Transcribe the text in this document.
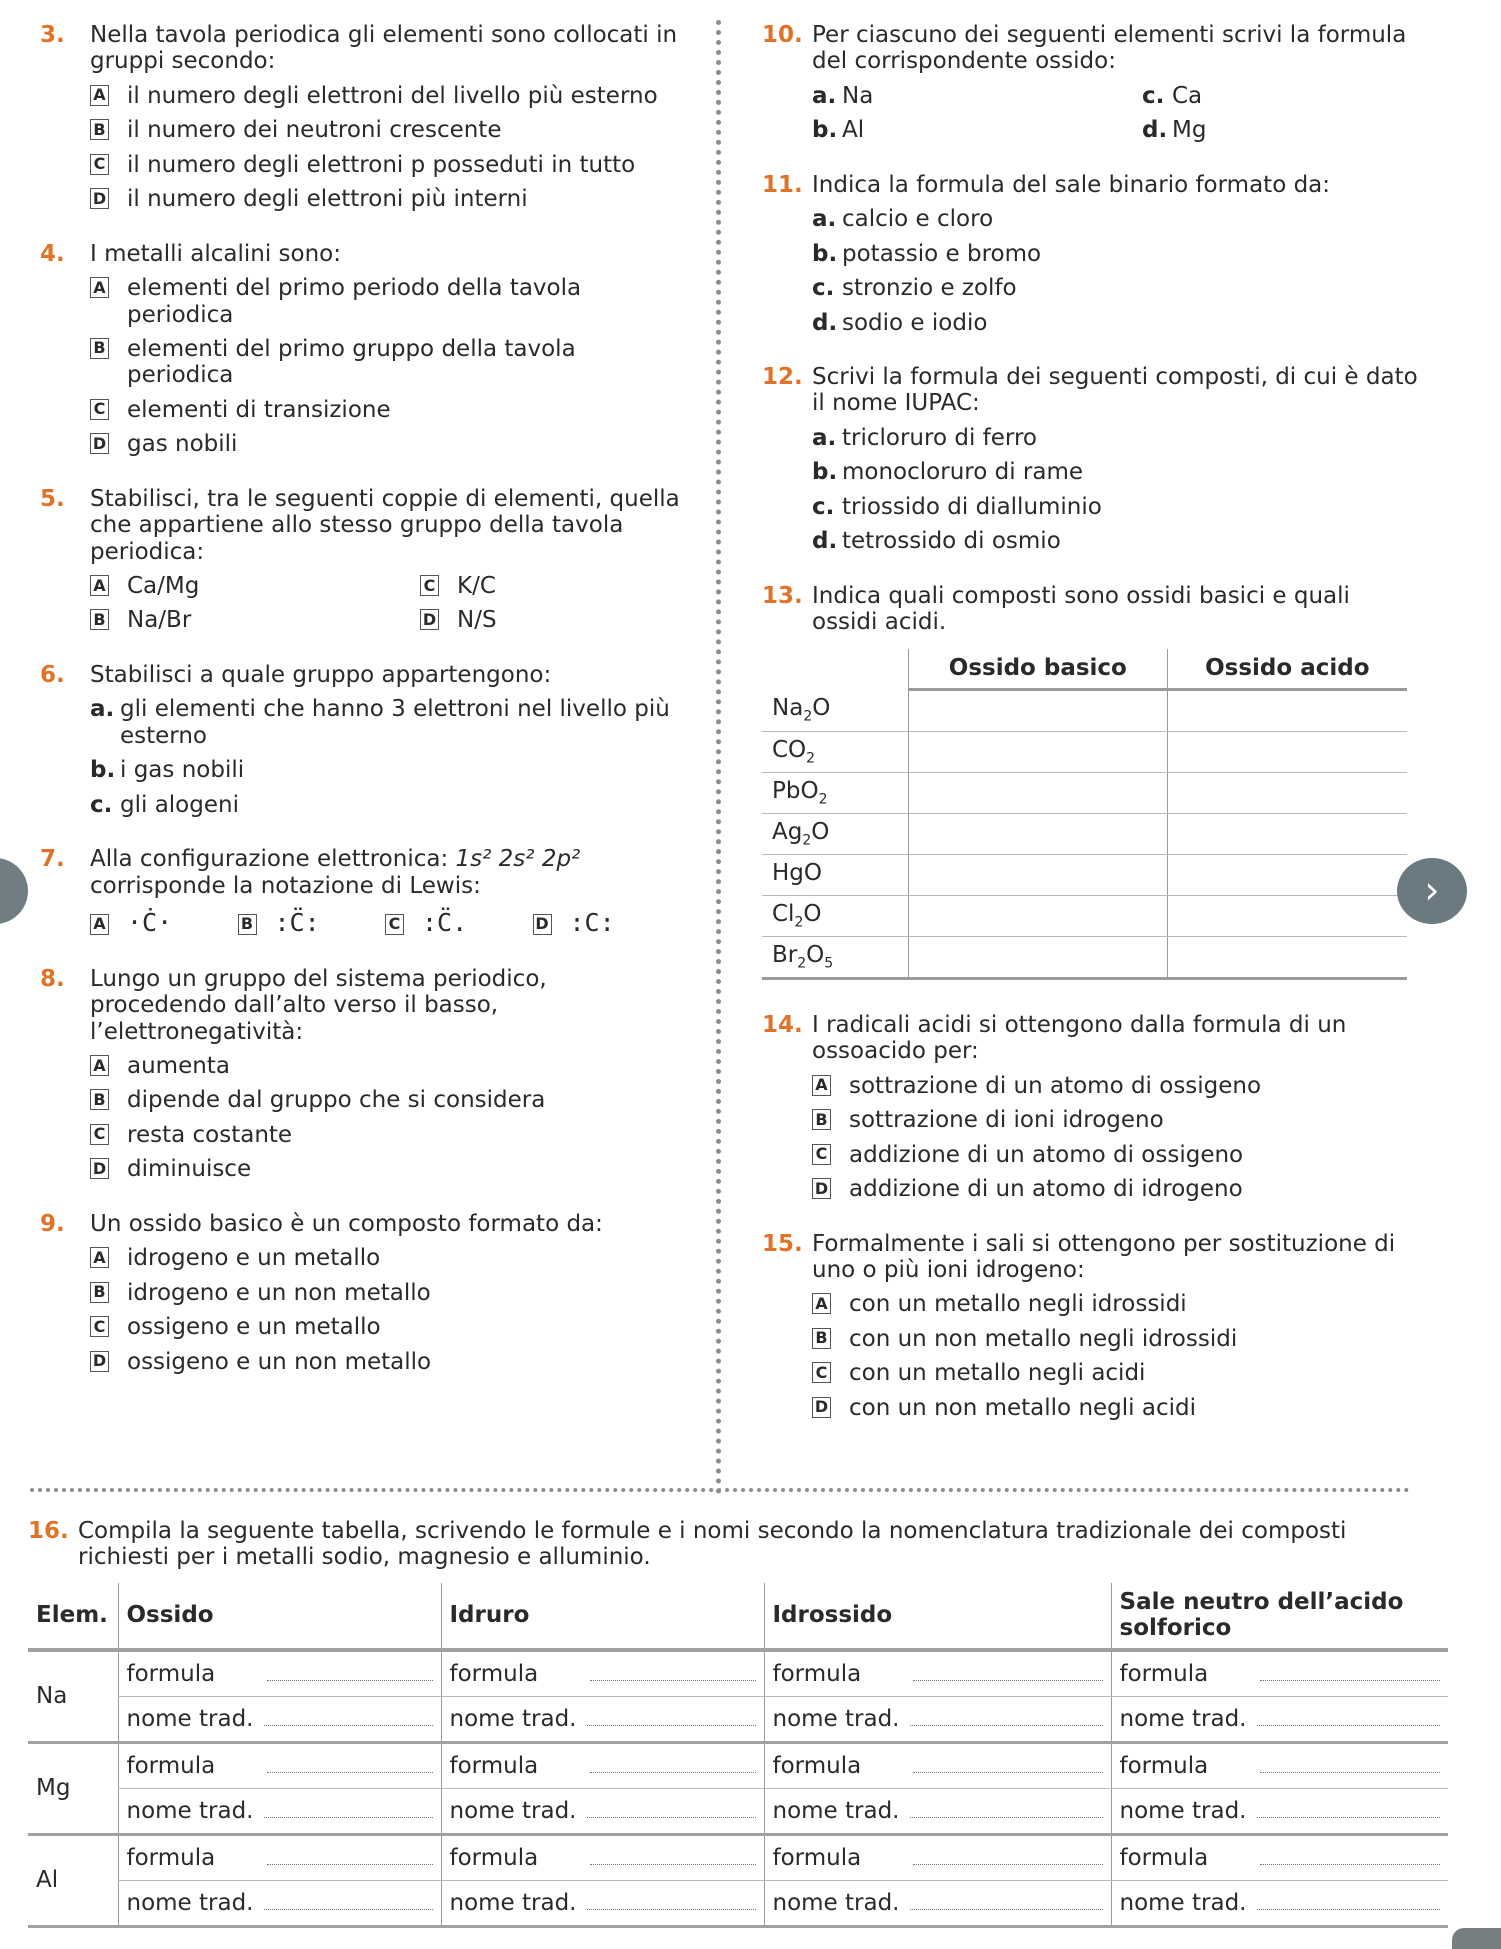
3.	Nella tavola periodica gli elementi sono collocati in gruppi secondo:
A il numero degli elettroni del livello più esterno
B il numero dei neutroni crescente
C il numero degli elettroni p posseduti in tutto
D il numero degli elettroni più interni
4.	I metalli alcalini sono:
A elementi del primo periodo della tavola periodica
B elementi del primo gruppo della tavola periodica
C elementi di transizione
D gas nobili
5.	Stabilisci, tra le seguenti coppie di elementi, quella che appartiene allo stesso gruppo della tavola periodica:
A Ca/Mg	C K/C
B Na/Br	D N/S
6.	Stabilisci a quale gruppo appartengono:
a. gli elementi che hanno 3 elettroni nel livello più esterno
b. i gas nobili
c. gli alogeni
7.	Alla configurazione elettronica: 1s² 2s² 2p²
corrisponde la notazione di Lewis:
A ·Ċ·	B :C̈:	C :C̈.	D :C:
8.	Lungo un gruppo del sistema periodico, procedendo dall’alto verso il basso, l’elettronegatività:
A aumenta
B dipende dal gruppo che si considera
C resta costante
D diminuisce
9.	Un ossido basico è un composto formato da:
A idrogeno e un metallo
B idrogeno e un non metallo
C ossigeno e un metallo
D ossigeno e un non metallo
10. Per ciascuno dei seguenti elementi scrivi la formula del corrispondente ossido:
a. Na	c. Ca
b. Al	d. Mg
11. Indica la formula del sale binario formato da:
a. calcio e cloro
b. potassio e bromo
c. stronzio e zolfo
d. sodio e iodio
12. Scrivi la formula dei seguenti composti, di cui è dato il nome IUPAC:
a. tricloruro di ferro
b. monocloruro di rame
c. triossido di dialluminio
d. tetrossido di osmio
13. Indica quali composti sono ossidi basici e quali ossidi acidi.
	Ossido basico	Ossido acido
$Na_2O$		
$CO_2$		
PbO$_2$		
$Ag_2O$		
HgO		
$Cl_2O$		
$Br_2O_5$		
14. I radicali acidi si ottengono dalla formula di un ossoacido per:
A sottrazione di un atomo di ossigeno
B sottrazione di ioni idrogeno
C addizione di un atomo di ossigeno
D addizione di un atomo di idrogeno
15. Formalmente i sali si ottengono per sostituzione di uno o più ioni idrogeno:
A con un metallo negli idrossidi
B con un non metallo negli idrossidi
C con un metallo negli acidi
D con un non metallo negli acidi
16. Compila la seguente tabella, scrivendo le formule e i nomi secondo la nomenclatura tradizionale dei composti richiesti per i metalli sodio, magnesio e alluminio.
Elem.	Ossido	Idruro	Idrossido	Sale neutro dell’acido solforico
Na	formula	formula	formula	formula

	nome trad.	nome trad.	nome trad.	nome trad.

Mg	formula	formula	formula	formula

	nome trad.	nome trad.	nome trad.	nome trad.

Al	formula	formula	formula	formula

	nome trad.	nome trad.	nome trad.	nome trad.
›
